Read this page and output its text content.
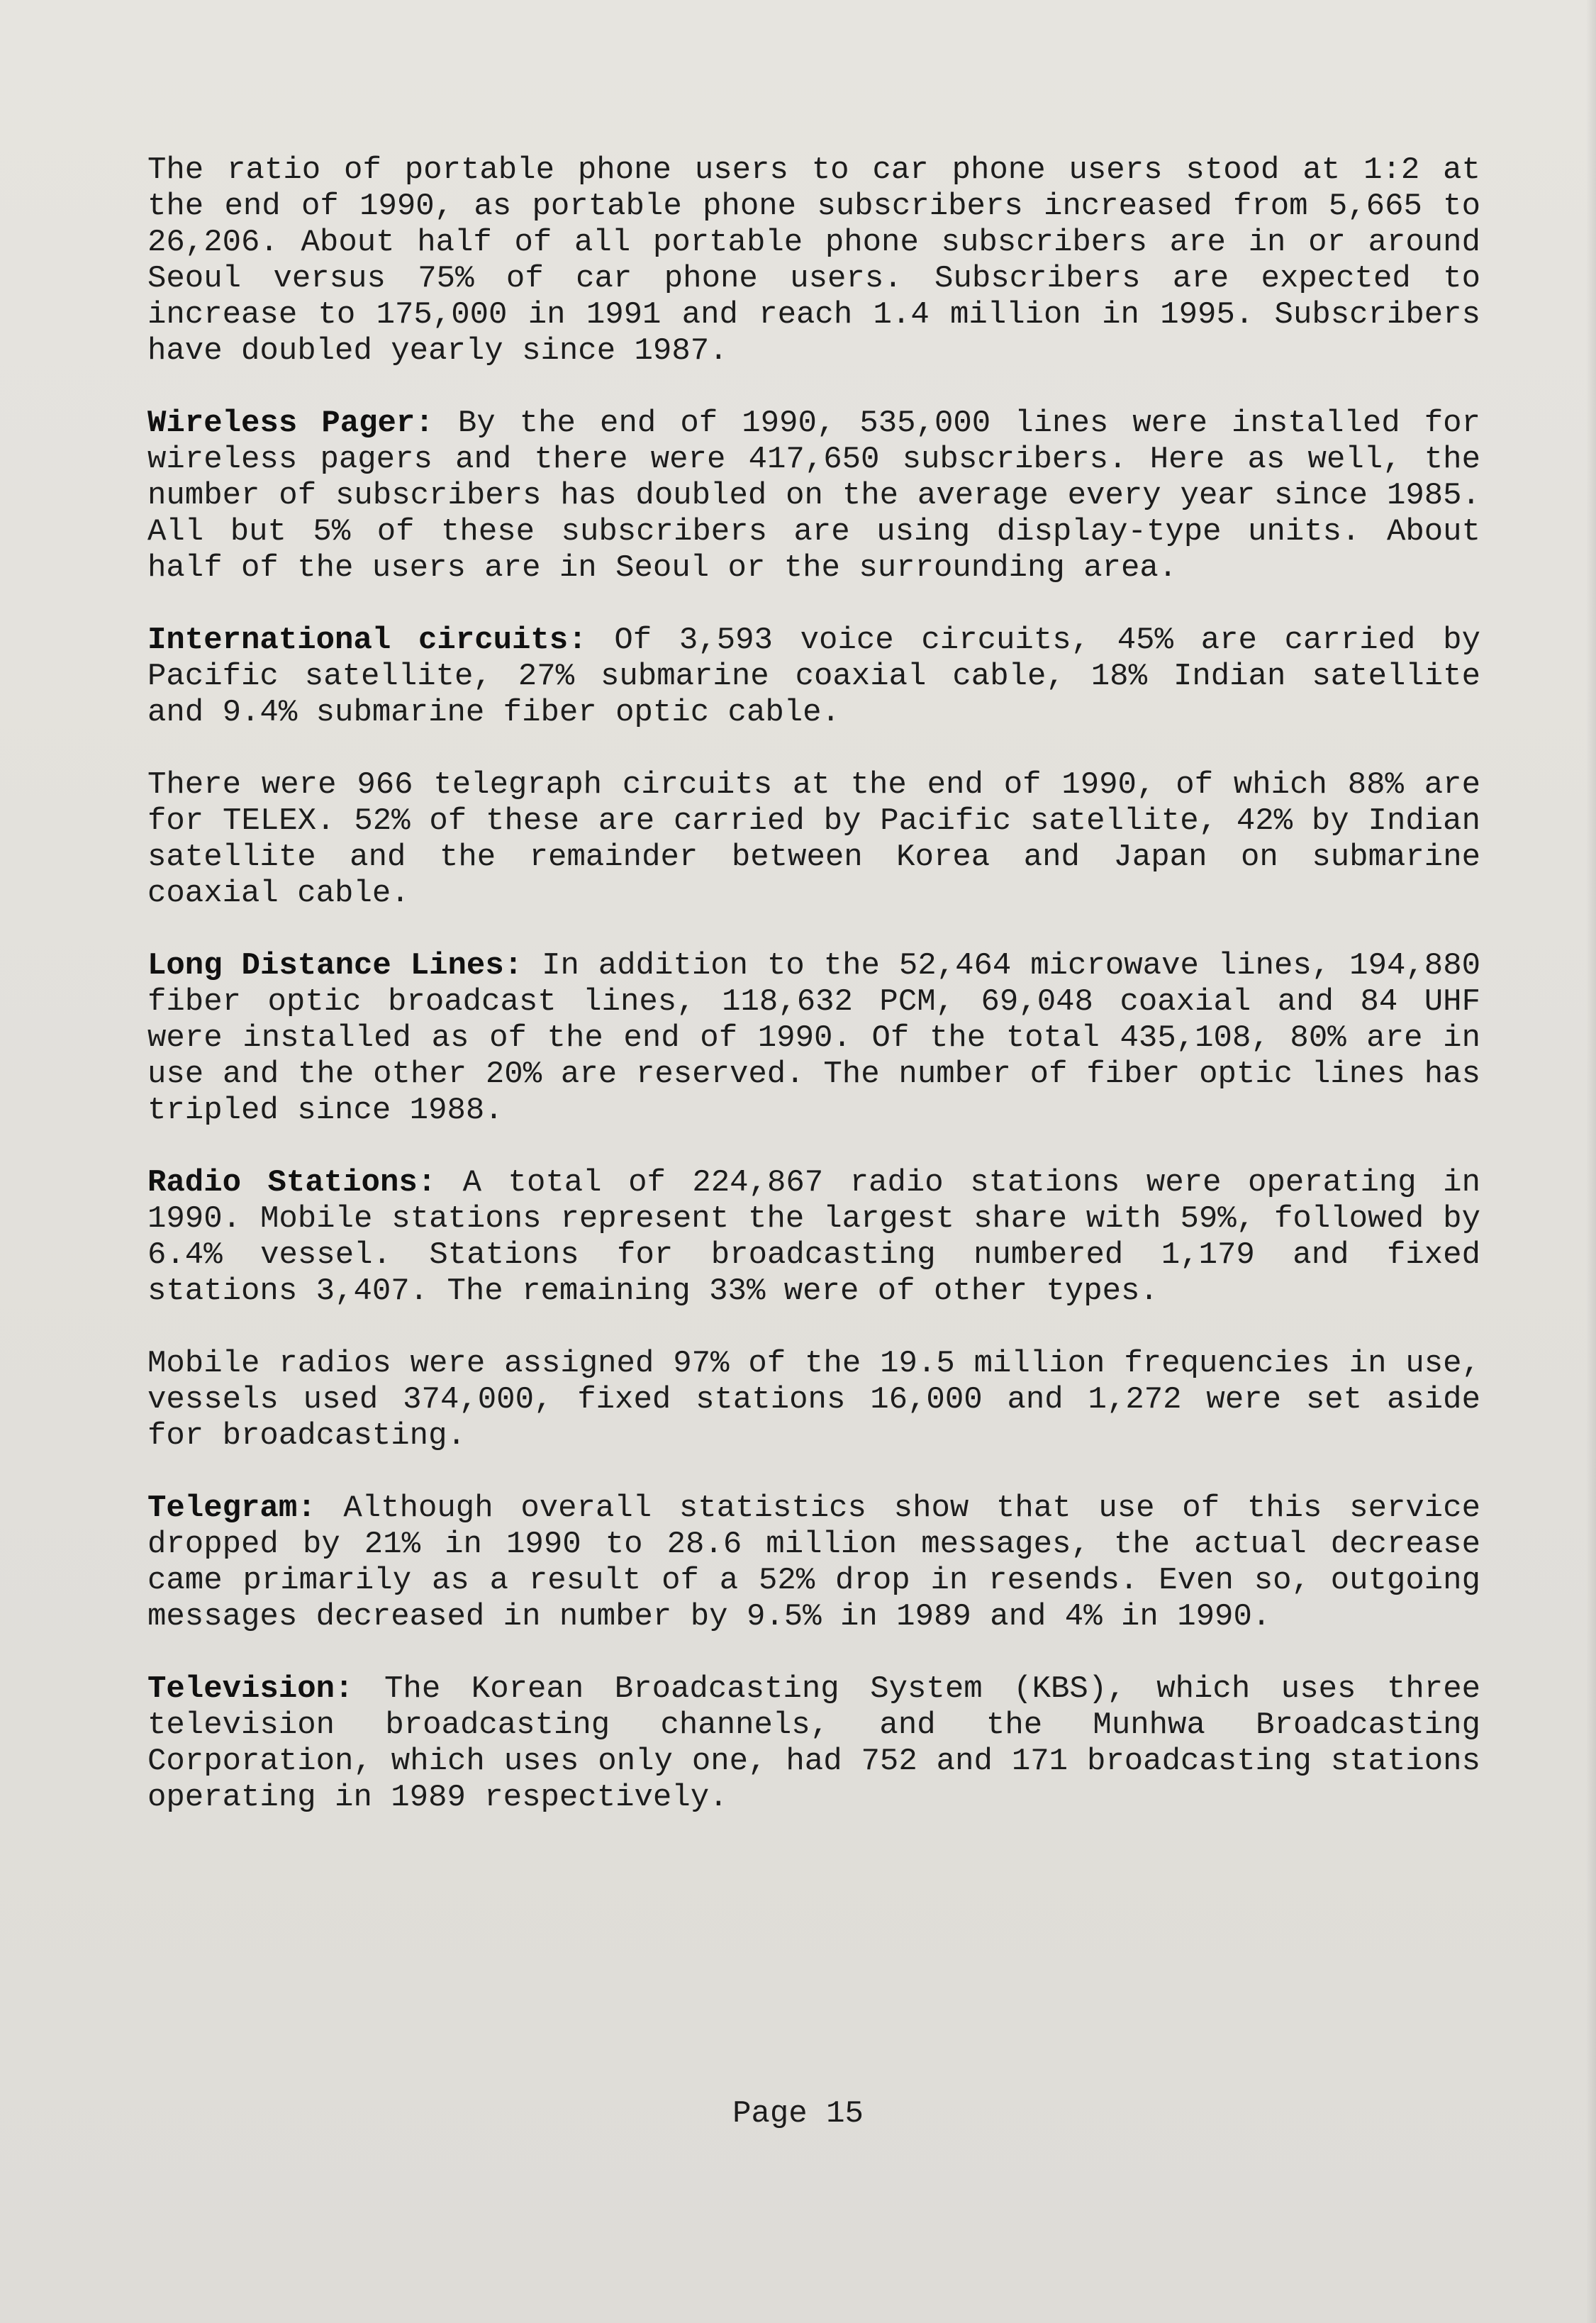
The ratio of portable phone users to car phone users stood at 1:2 at the end of 1990, as portable phone subscribers increased from 5,665 to 26,206. About half of all portable phone subscribers are in or around Seoul versus 75% of car phone users. Subscribers are expected to increase to 175,000 in 1991 and reach 1.4 million in 1995. Subscribers have doubled yearly since 1987.

Wireless Pager: By the end of 1990, 535,000 lines were installed for wireless pagers and there were 417,650 subscribers. Here as well, the number of subscribers has doubled on the average every year since 1985. All but 5% of these subscribers are using display-type units. About half of the users are in Seoul or the surrounding area.

International circuits: Of 3,593 voice circuits, 45% are carried by Pacific satellite, 27% submarine coaxial cable, 18% Indian satellite and 9.4% submarine fiber optic cable.

There were 966 telegraph circuits at the end of 1990, of which 88% are for TELEX. 52% of these are carried by Pacific satellite, 42% by Indian satellite and the remainder between Korea and Japan on submarine coaxial cable.

Long Distance Lines: In addition to the 52,464 microwave lines, 194,880 fiber optic broadcast lines, 118,632 PCM, 69,048 coaxial and 84 UHF were installed as of the end of 1990. Of the total 435,108, 80% are in use and the other 20% are reserved. The number of fiber optic lines has tripled since 1988.

Radio Stations: A total of 224,867 radio stations were operating in 1990. Mobile stations represent the largest share with 59%, followed by 6.4% vessel. Stations for broadcasting numbered 1,179 and fixed stations 3,407. The remaining 33% were of other types.

Mobile radios were assigned 97% of the 19.5 million frequencies in use, vessels used 374,000, fixed stations 16,000 and 1,272 were set aside for broadcasting.

Telegram: Although overall statistics show that use of this service dropped by 21% in 1990 to 28.6 million messages, the actual decrease came primarily as a result of a 52% drop in resends. Even so, outgoing messages decreased in number by 9.5% in 1989 and 4% in 1990.

Television: The Korean Broadcasting System (KBS), which uses three television broadcasting channels, and the Munhwa Broadcasting Corporation, which uses only one, had 752 and 171 broadcasting stations operating in 1989 respectively.

Page 15
